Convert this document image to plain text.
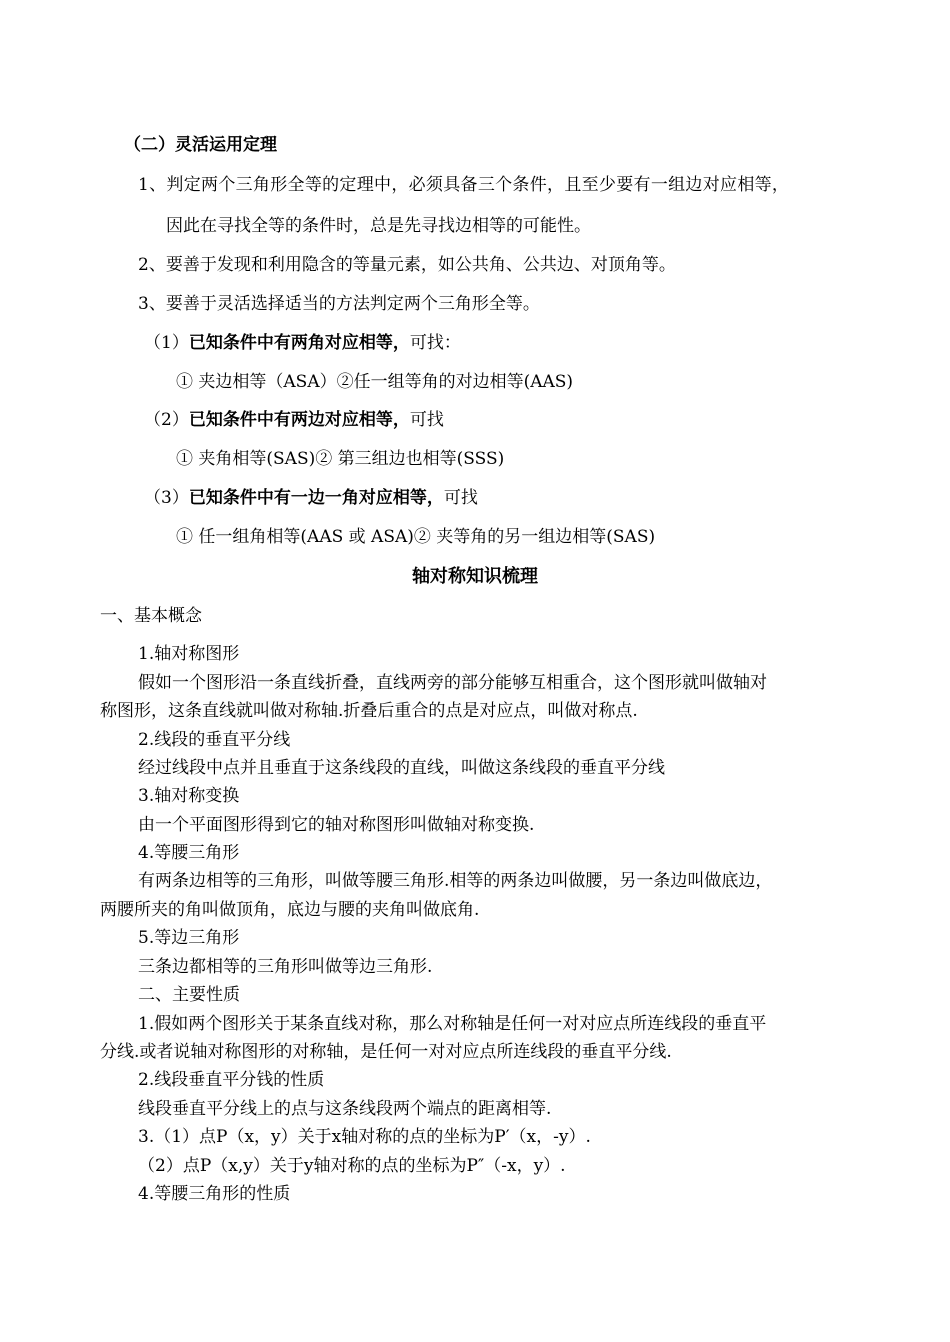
（二）灵活运用定理
1、判定两个三角形全等的定理中，必须具备三个条件，且至少要有一组边对应相等，
因此在寻找全等的条件时，总是先寻找边相等的可能性。
2、要善于发现和利用隐含的等量元素，如公共角、公共边、对顶角等。
3、要善于灵活选择适当的方法判定两个三角形全等。
（1）已知条件中有两角对应相等，可找：
① 夹边相等（ASA）②任一组等角的对边相等(AAS)
（2）已知条件中有两边对应相等，可找
① 夹角相等(SAS)② 第三组边也相等(SSS)
（3）已知条件中有一边一角对应相等，可找
① 任一组角相等(AAS 或 ASA)② 夹等角的另一组边相等(SAS)
轴对称知识梳理
一、基本概念
1.轴对称图形
假如一个图形沿一条直线折叠，直线两旁的部分能够互相重合，这个图形就叫做轴对
称图形，这条直线就叫做对称轴.折叠后重合的点是对应点，叫做对称点.
2.线段的垂直平分线
经过线段中点并且垂直于这条线段的直线，叫做这条线段的垂直平分线
3.轴对称变换
由一个平面图形得到它的轴对称图形叫做轴对称变换.
4.等腰三角形
有两条边相等的三角形，叫做等腰三角形.相等的两条边叫做腰，另一条边叫做底边，
两腰所夹的角叫做顶角，底边与腰的夹角叫做底角.
5.等边三角形
三条边都相等的三角形叫做等边三角形.
二、主要性质
1.假如两个图形关于某条直线对称，那么对称轴是任何一对对应点所连线段的垂直平
分线.或者说轴对称图形的对称轴，是任何一对对应点所连线段的垂直平分线.
2.线段垂直平分钱的性质
线段垂直平分线上的点与这条线段两个端点的距离相等.
3.（1）点P（x，y）关于x轴对称的点的坐标为P′（x，-y）.
（2）点P（x,y）关于y轴对称的点的坐标为P″（-x，y）.
4.等腰三角形的性质
